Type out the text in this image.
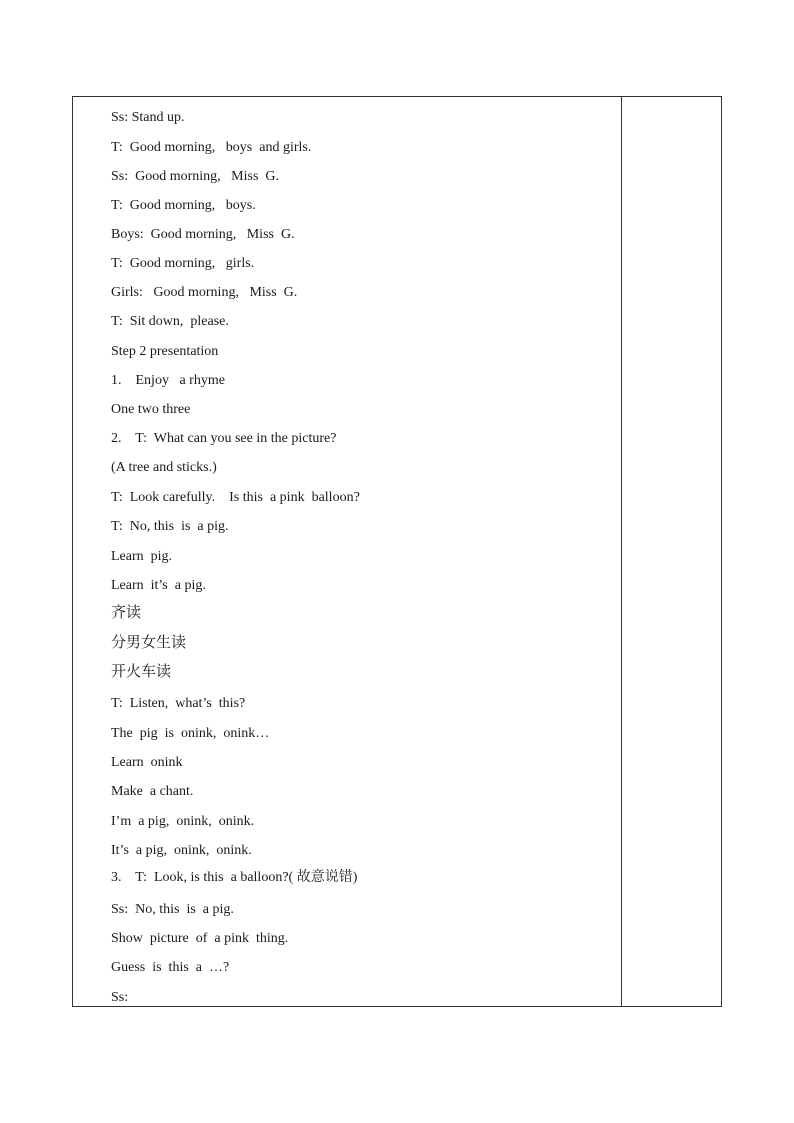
Ss: Stand up.
T:  Good morning,   boys  and girls.
Ss:  Good morning,   Miss  G.
T:  Good morning,   boys.
Boys:  Good morning,   Miss  G.
T:  Good morning,   girls.
Girls:   Good morning,   Miss  G.
T:  Sit down,  please.
Step 2 presentation
1.    Enjoy   a rhyme
One two three
2.    T:  What can you see in the picture?
(A tree and sticks.)
T:  Look carefully.    Is this  a pink  balloon?
T:  No, this  is  a pig.
Learn  pig.
Learn  it’s  a pig.
齐读
分男女生读
开火车读
T:  Listen,  what’s  this?
The  pig  is  onink,  onink…
Learn  onink
Make  a chant.
I’m  a pig,  onink,  onink.
It’s  a pig,  onink,  onink.
3.    T:  Look, is this  a balloon?( 故意说错)
Ss:  No, this  is  a pig.
Show  picture  of  a pink  thing.
Guess  is  this  a  …?
Ss:
